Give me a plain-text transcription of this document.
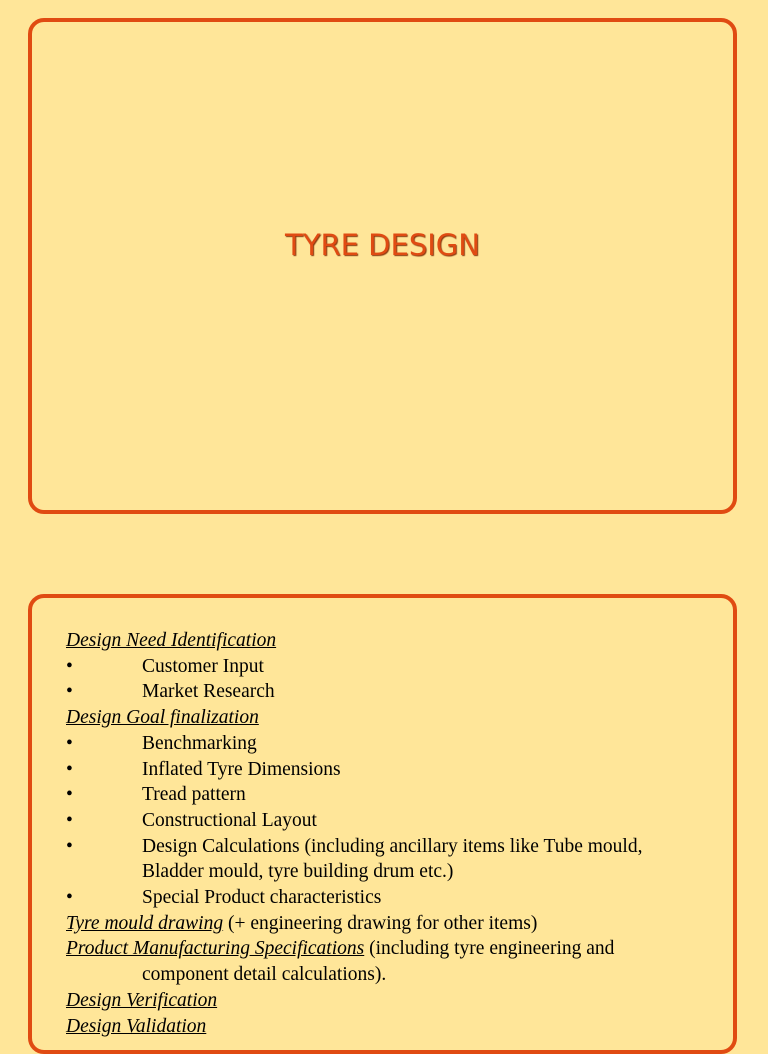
TYRE DESIGN
Design Need Identification
•	Customer Input
•	Market Research
Design Goal finalization
•	Benchmarking
•	Inflated Tyre Dimensions
•	Tread pattern
•	Constructional Layout
•	Design Calculations (including ancillary items like Tube mould, Bladder mould, tyre building drum etc.)
•	Special Product characteristics
Tyre mould drawing (+ engineering drawing for other items)
Product Manufacturing Specifications (including tyre engineering and
component detail calculations).
Design Verification
Design Validation
